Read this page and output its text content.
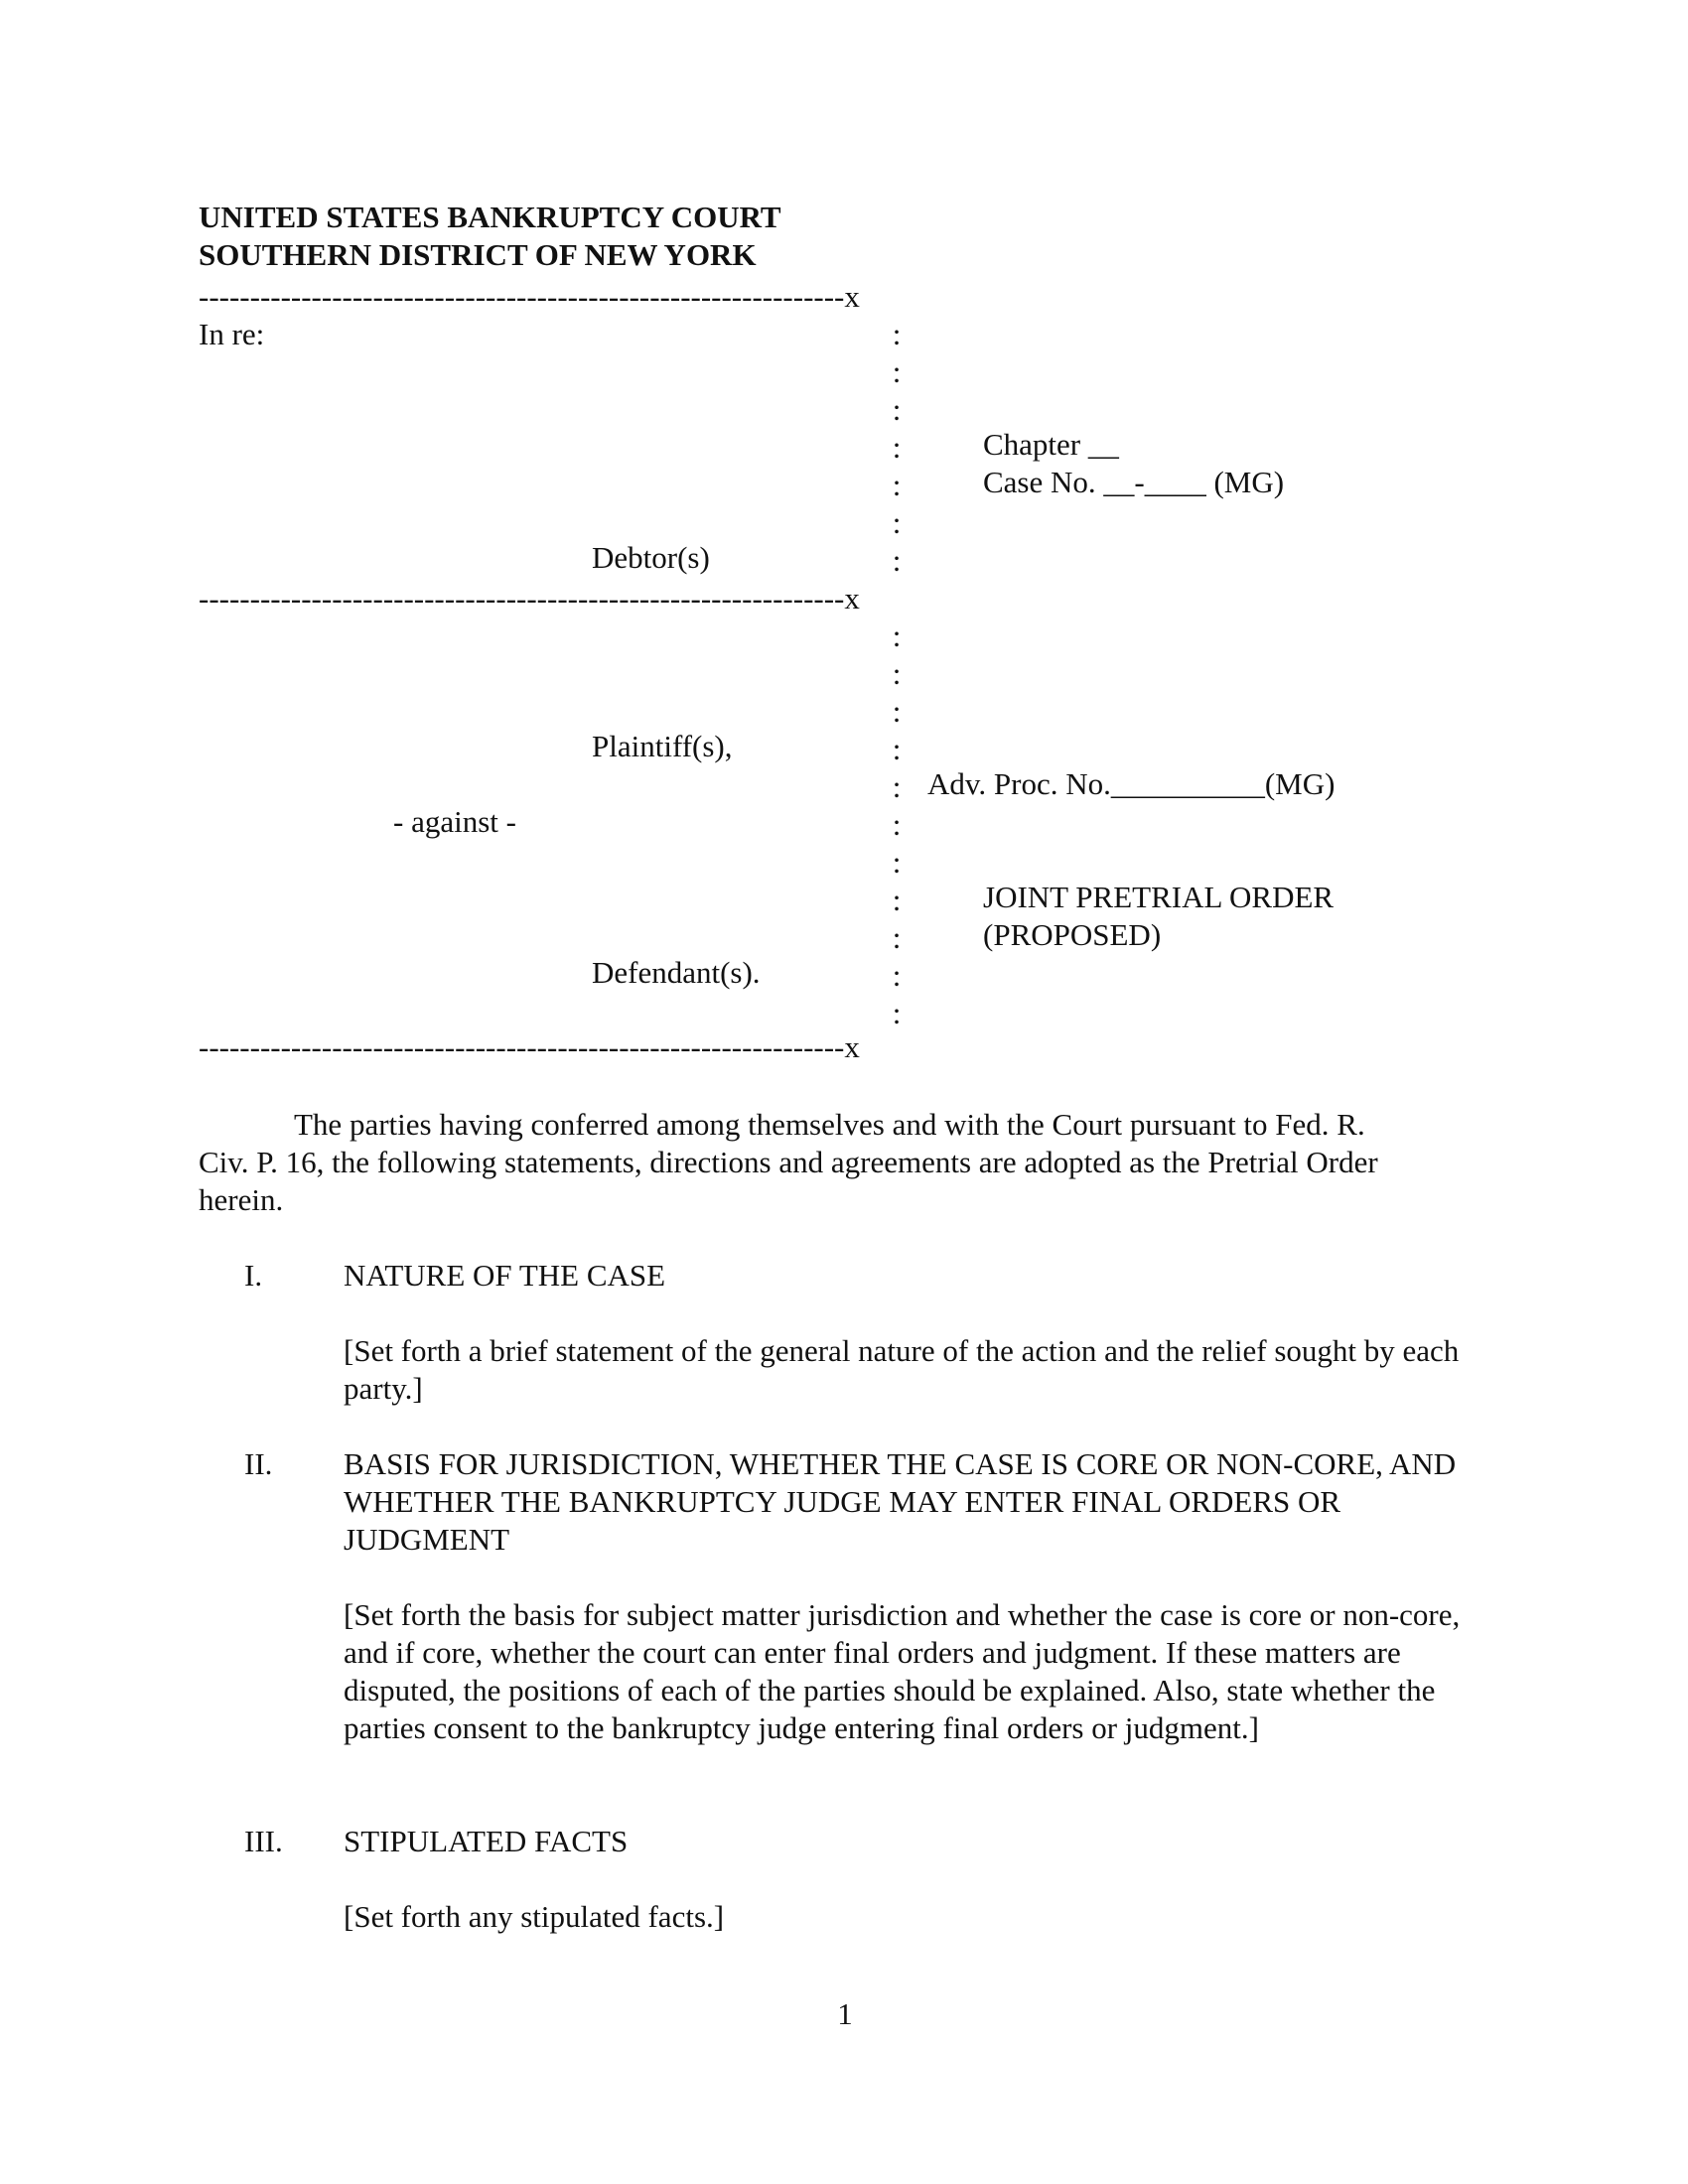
UNITED STATES BANKRUPTCY COURT
SOUTHERN DISTRICT OF NEW YORK
---------------------------------------------------------------x
---------------------------------------------------------------x
---------------------------------------------------------------x
In re:
Debtor(s)
Plaintiff(s),
- against -
Defendant(s).
:
:
:
:
:
:
:
:
:
:
:
:
:
:
:
:
:
:
Chapter __
Case No. __-____ (MG)
Adv. Proc. No.__________(MG)
JOINT PRETRIAL ORDER
(PROPOSED)
The parties having conferred among themselves and with the Court pursuant to Fed. R. Civ. P. 16, the following statements, directions and agreements are adopted as the Pretrial Order herein.
I.	NATURE OF THE CASE
[Set forth a brief statement of the general nature of the action and the relief sought by each party.]
II. BASIS FOR JURISDICTION, WHETHER THE CASE IS CORE OR NON-CORE, AND WHETHER THE BANKRUPTCY JUDGE MAY ENTER FINAL ORDERS OR JUDGMENT
[Set forth the basis for subject matter jurisdiction and whether the case is core or non-core, and if core, whether the court can enter final orders and judgment. If these matters are disputed, the positions of each of the parties should be explained. Also, state whether the parties consent to the bankruptcy judge entering final orders or judgment.]
III. STIPULATED FACTS
[Set forth any stipulated facts.]
1
